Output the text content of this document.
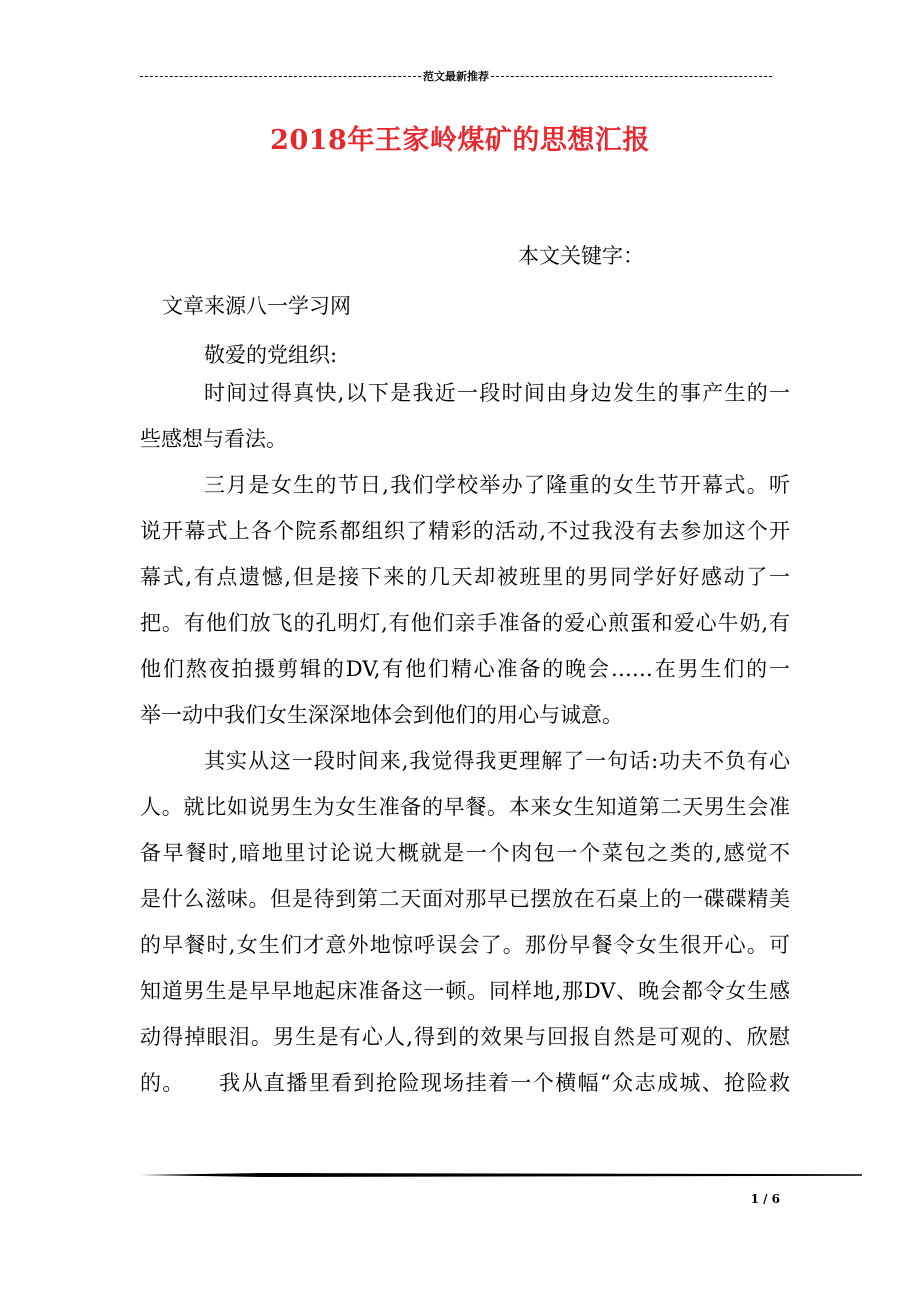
范文最新推荐
2018年王家岭煤矿的思想汇报
本文关键字：
文章来源八一学习网
敬爱的党组织:
时间过得真快,以下是我近一段时间由身边发生的事产生的一
些感想与看法。
三月是女生的节日,我们学校举办了隆重的女生节开幕式。听
说开幕式上各个院系都组织了精彩的活动,不过我没有去参加这个开
幕式,有点遗憾,但是接下来的几天却被班里的男同学好好感动了一
把。有他们放飞的孔明灯,有他们亲手准备的爱心煎蛋和爱心牛奶,有
他们熬夜拍摄剪辑的DV,有他们精心准备的晚会……在男生们的一
举一动中我们女生深深地体会到他们的用心与诚意。
其实从这一段时间来,我觉得我更理解了一句话:功夫不负有心
人。就比如说男生为女生准备的早餐。本来女生知道第二天男生会准
备早餐时,暗地里讨论说大概就是一个肉包一个菜包之类的,感觉不
是什么滋味。但是待到第二天面对那早已摆放在石桌上的一碟碟精美
的早餐时,女生们才意外地惊呼误会了。那份早餐令女生很开心。可
知道男生是早早地起床准备这一顿。同样地,那DV、晚会都令女生感
动得掉眼泪。男生是有心人,得到的效果与回报自然是可观的、欣慰
的。　　我从直播里看到抢险现场挂着一个横幅“众志成城、抢险救
1 / 6
